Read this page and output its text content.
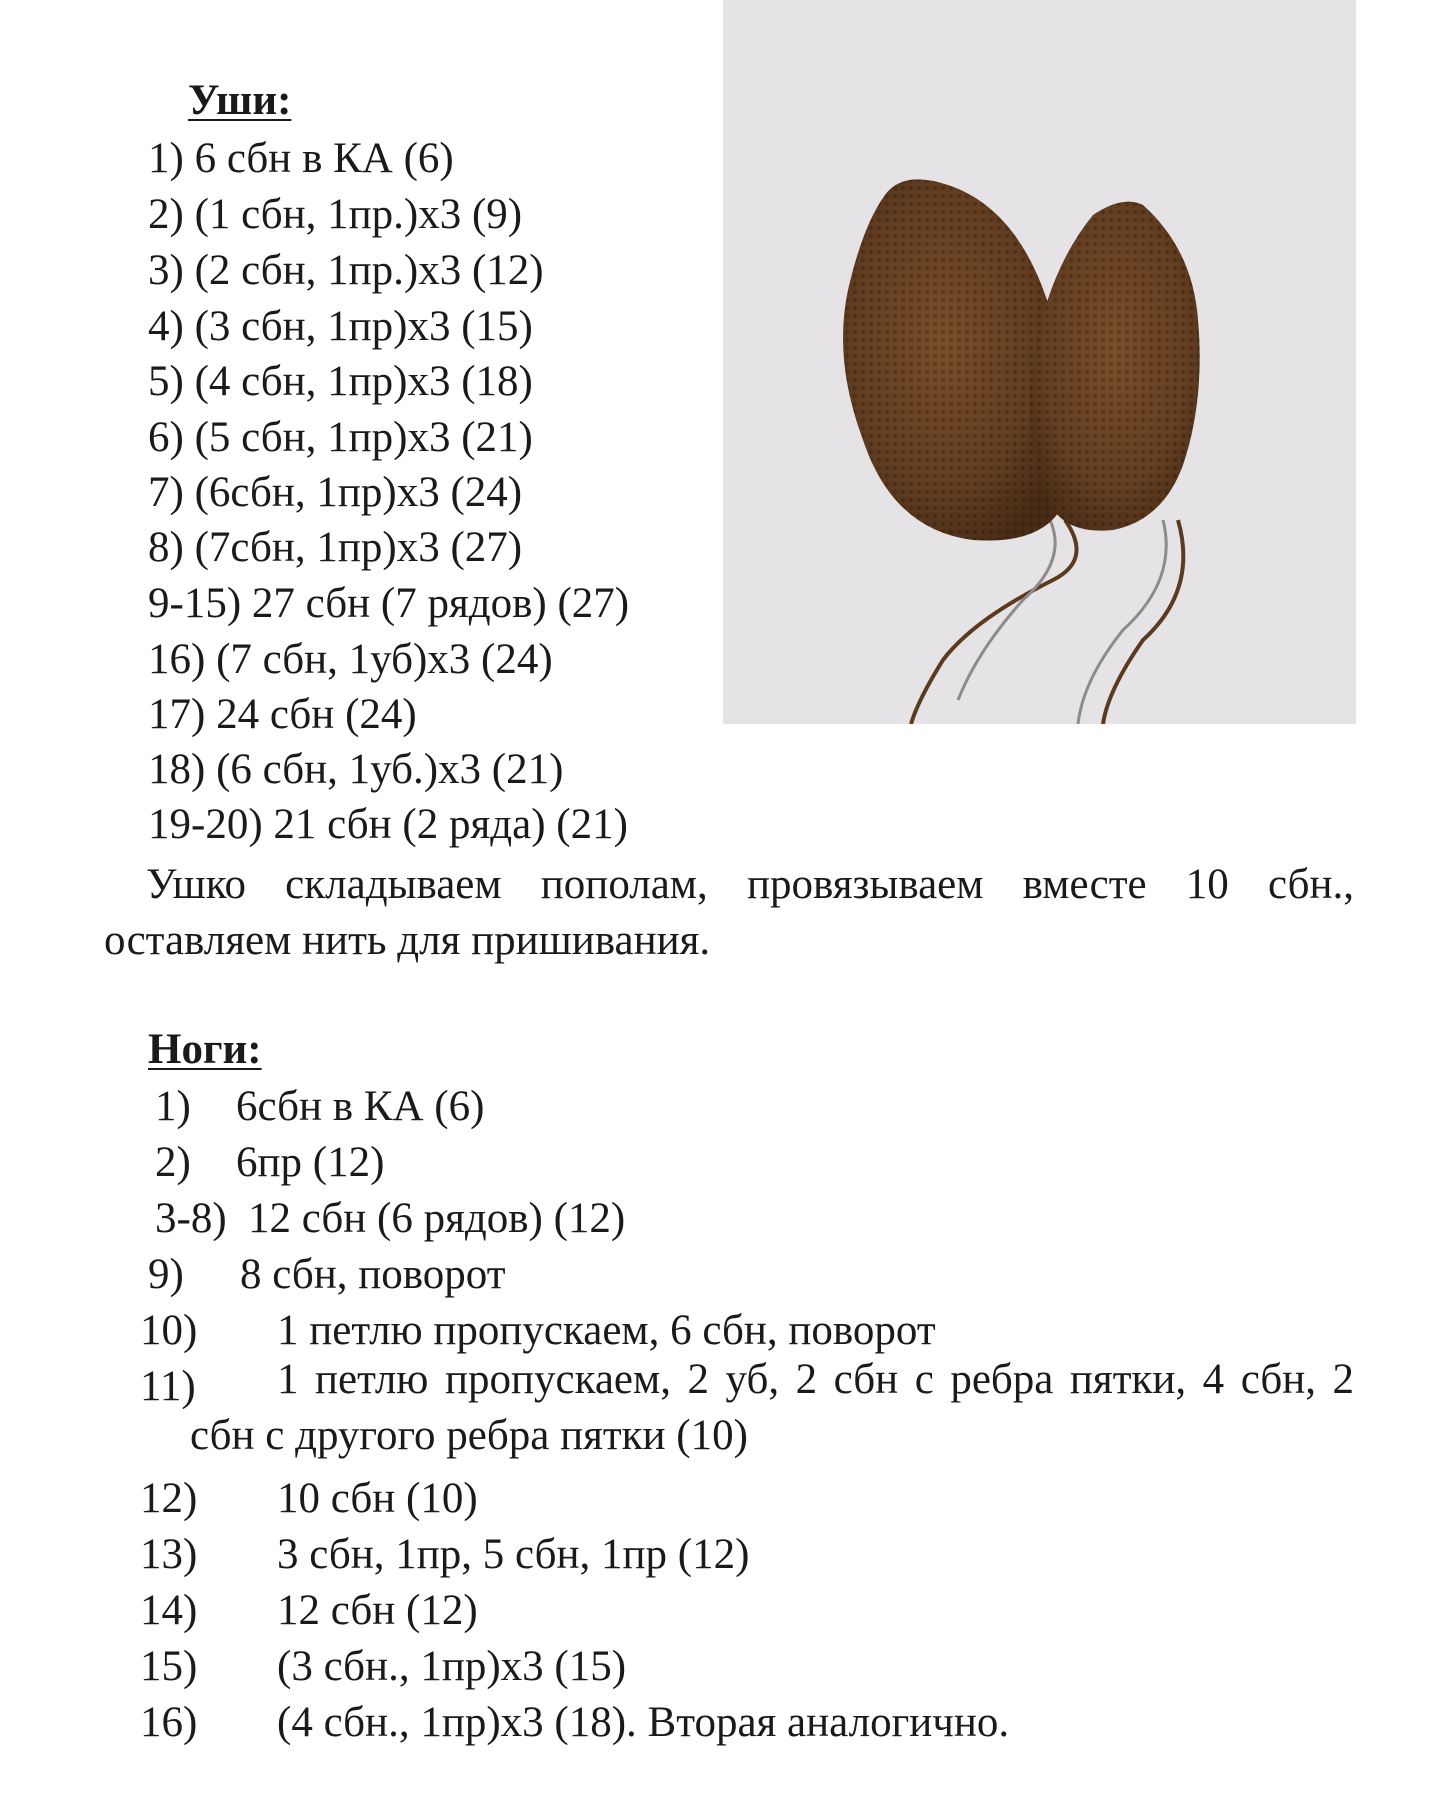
Уши:
1) 6 сбн в КА (6)
2) (1 сбн, 1пр.)х3 (9)
3) (2 сбн, 1пр.)х3 (12)
4) (3 сбн, 1пр)х3 (15)
5) (4 сбн, 1пр)х3 (18)
6) (5 сбн, 1пр)х3 (21)
7) (6сбн, 1пр)х3 (24)
8) (7сбн, 1пр)х3 (27)
9-15) 27 сбн (7 рядов) (27)
16) (7 сбн, 1уб)х3 (24)
17) 24 сбн (24)
18) (6 сбн, 1уб.)х3 (21)
19-20) 21 сбн (2 ряда) (21)
Ушко складываем пополам, провязываем вместе 10 сбн., оставляем нить для пришивания.
Ноги:
1) 6сбн в КА (6)
2) 6пр (12)
3-8) 12 сбн (6 рядов) (12)
9) 8 сбн, поворот
10) 1 петлю пропускаем, 6 сбн, поворот
11)	1 петлю пропускаем, 2 уб, 2 сбн с ребра пятки, 4 сбн, 2 сбн с другого ребра пятки (10)
12) 10 сбн (10)
13) 3 сбн, 1пр, 5 сбн, 1пр (12)
14) 12 сбн (12)
15) (3 сбн., 1пр)х3 (15)
16) (4 сбн., 1пр)х3 (18). Вторая аналогично.
